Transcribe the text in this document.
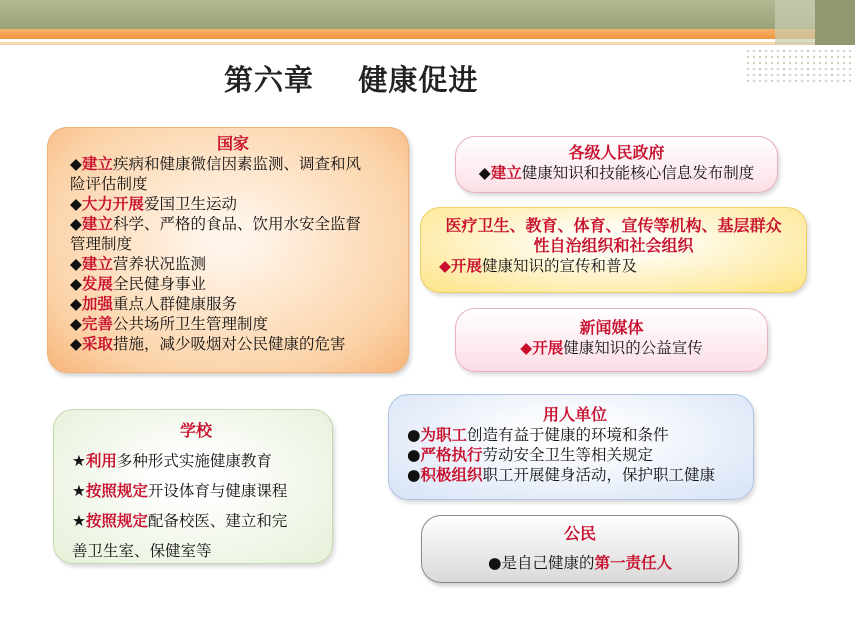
第六章    健康促进
国家
◆建立疾病和健康微信因素监测、调查和风
险评估制度
◆大力开展爱国卫生运动
◆建立科学、严格的食品、饮用水安全监督
管理制度
◆建立营养状况监测
◆发展全民健身事业
◆加强重点人群健康服务
◆完善公共场所卫生管理制度
◆采取措施，减少吸烟对公民健康的危害
各级人民政府
◆建立健康知识和技能核心信息发布制度
医疗卫生、教育、体育、宣传等机构、基层群众
性自治组织和社会组织
◆开展健康知识的宣传和普及
新闻媒体
◆开展健康知识的公益宣传
学校
★利用多种形式实施健康教育
★按照规定开设体育与健康课程
★按照规定配备校医、建立和完
善卫生室、保健室等
用人单位
●为职工创造有益于健康的环境和条件
●严格执行劳动安全卫生等相关规定
●积极组织职工开展健身活动，保护职工健康
公民
●是自己健康的第一责任人
